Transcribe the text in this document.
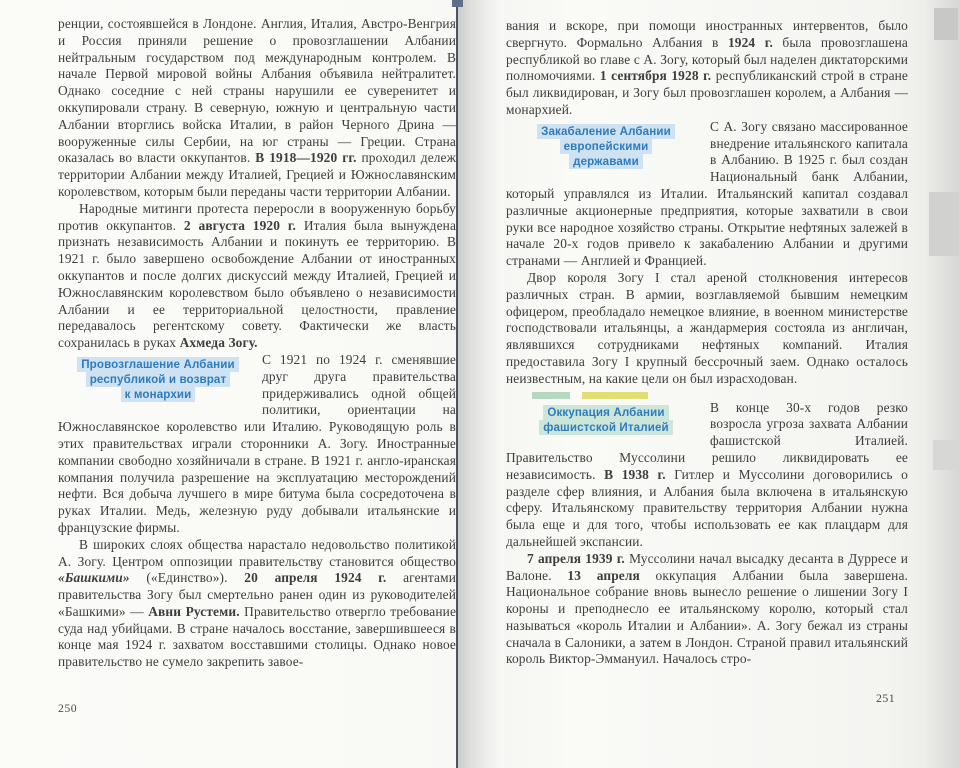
ренции, состоявшейся в Лондоне. Англия, Италия, Австро-Венгрия и Россия приняли решение о провозглашении Албании нейтральным государством под международным контролем. В начале Первой мировой войны Албания объявила нейтралитет. Однако соседние с ней страны нарушили ее суверенитет и оккупировали страну. В северную, южную и центральную части Албании вторглись войска Италии, в район Черного Дрина — вооруженные силы Сербии, на юг страны — Греции. Страна оказалась во власти оккупантов. В 1918—1920 гг. проходил дележ территории Албании между Италией, Грецией и Южнославянским королевством, которым были переданы части территории Албании.

Народные митинги протеста переросли в вооруженную борьбу против оккупантов. 2 августа 1920 г. Италия была вынуждена признать независимость Албании и покинуть ее территорию. В 1921 г. было завершено освобождение Албании от иностранных оккупантов и после долгих дискуссий между Италией, Грецией и Южнославянским королевством было объявлено о независимости Албании и ее территориальной целостности, правление передавалось регентскому совету. Фактически же власть сохранилась в руках Ахмеда Зогу.

Провозглашение Албании
республикой и возврат
к монархии

С 1921 по 1924 г. сменявшие друг друга правительства придерживались одной общей политики, ориентации на Южнославянское королевство или Италию. Руководящую роль в этих правительствах играли сторонники А. Зогу. Иностранные компании свободно хозяйничали в стране. В 1921 г. англо-иранская компания получила разрешение на эксплуатацию месторождений нефти. Вся добыча лучшего в мире битума была сосредоточена в руках Италии. Медь, железную руду добывали итальянские и французские фирмы.

В широких слоях общества нарастало недовольство политикой А. Зогу. Центром оппозиции правительству становится общество «Башкими» («Единство»). 20 апреля 1924 г. агентами правительства Зогу был смертельно ранен один из руководителей «Башкими» — Авни Рустеми. Правительство отвергло требование суда над убийцами. В стране началось восстание, завершившееся в конце мая 1924 г. захватом восставшими столицы. Однако новое правительство не сумело закрепить завое-

вания и вскоре, при помощи иностранных интервентов, было свергнуто. Формально Албания в 1924 г. была провозглашена республикой во главе с А. Зогу, который был наделен диктаторскими полномочиями. 1 сентября 1928 г. республиканский строй в стране был ликвидирован, и Зогу был провозглашен королем, а Албания — монархией.

Закабаление Албании
европейскими
державами

С А. Зогу связано массированное внедрение итальянского капитала в Албанию. В 1925 г. был создан Национальный банк Албании, который управлялся из Италии. Итальянский капитал создавал различные акционерные предприятия, которые захватили в свои руки все народное хозяйство страны. Открытие нефтяных залежей в начале 20-х годов привело к закабалению Албании и другими странами — Англией и Францией.

Двор короля Зогу I стал ареной столкновения интересов различных стран. В армии, возглавляемой бывшим немецким офицером, преобладало немецкое влияние, в военном министерстве господствовали итальянцы, а жандармерия состояла из англичан, являвшихся сотрудниками нефтяных компаний. Италия предоставила Зогу I крупный бессрочный заем. Однако осталось неизвестным, на какие цели он был израсходован.

Оккупация Албании
фашистской Италией

В конце 30-х годов резко возросла угроза захвата Албании фашистской Италией. Правительство Муссолини решило ликвидировать ее независимость. В 1938 г. Гитлер и Муссолини договорились о разделе сфер влияния, и Албания была включена в итальянскую сферу. Итальянскому правительству территория Албании нужна была еще и для того, чтобы использовать ее как плацдарм для дальнейшей экспансии.

7 апреля 1939 г. Муссолини начал высадку десанта в Дурресе и Валоне. 13 апреля оккупация Албании была завершена. Национальное собрание вновь вынесло решение о лишении Зогу I короны и преподнесло ее итальянскому королю, который стал называться «король Италии и Албании». А. Зогу бежал из страны сначала в Салоники, а затем в Лондон. Страной правил итальянский король Виктор-Эммануил. Началось стро-

250
251
